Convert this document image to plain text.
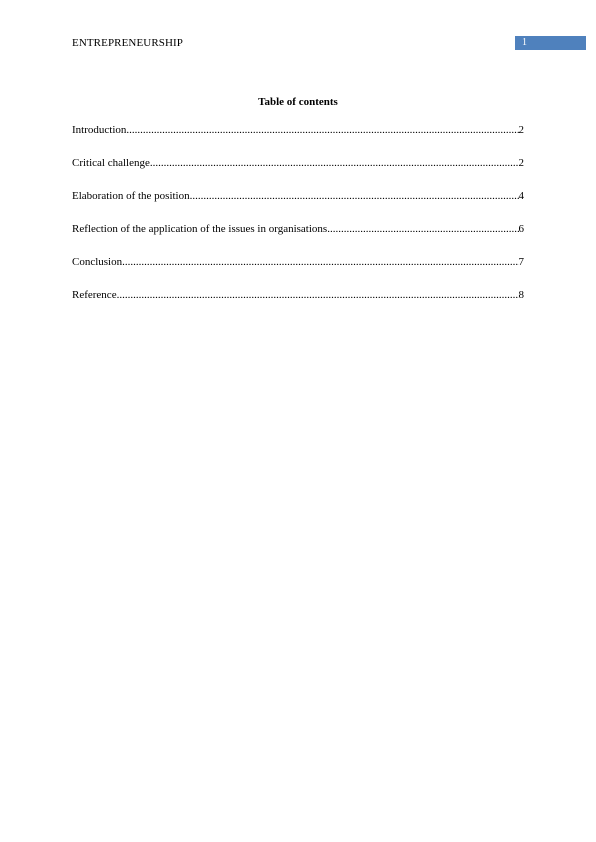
ENTREPRENEURSHIP	1
Table of contents
Introduction .....	2
Critical challenge .....	2
Elaboration of the position .....	4
Reflection of the application of the issues in organisations .....	6
Conclusion .....	7
Reference .....	8
